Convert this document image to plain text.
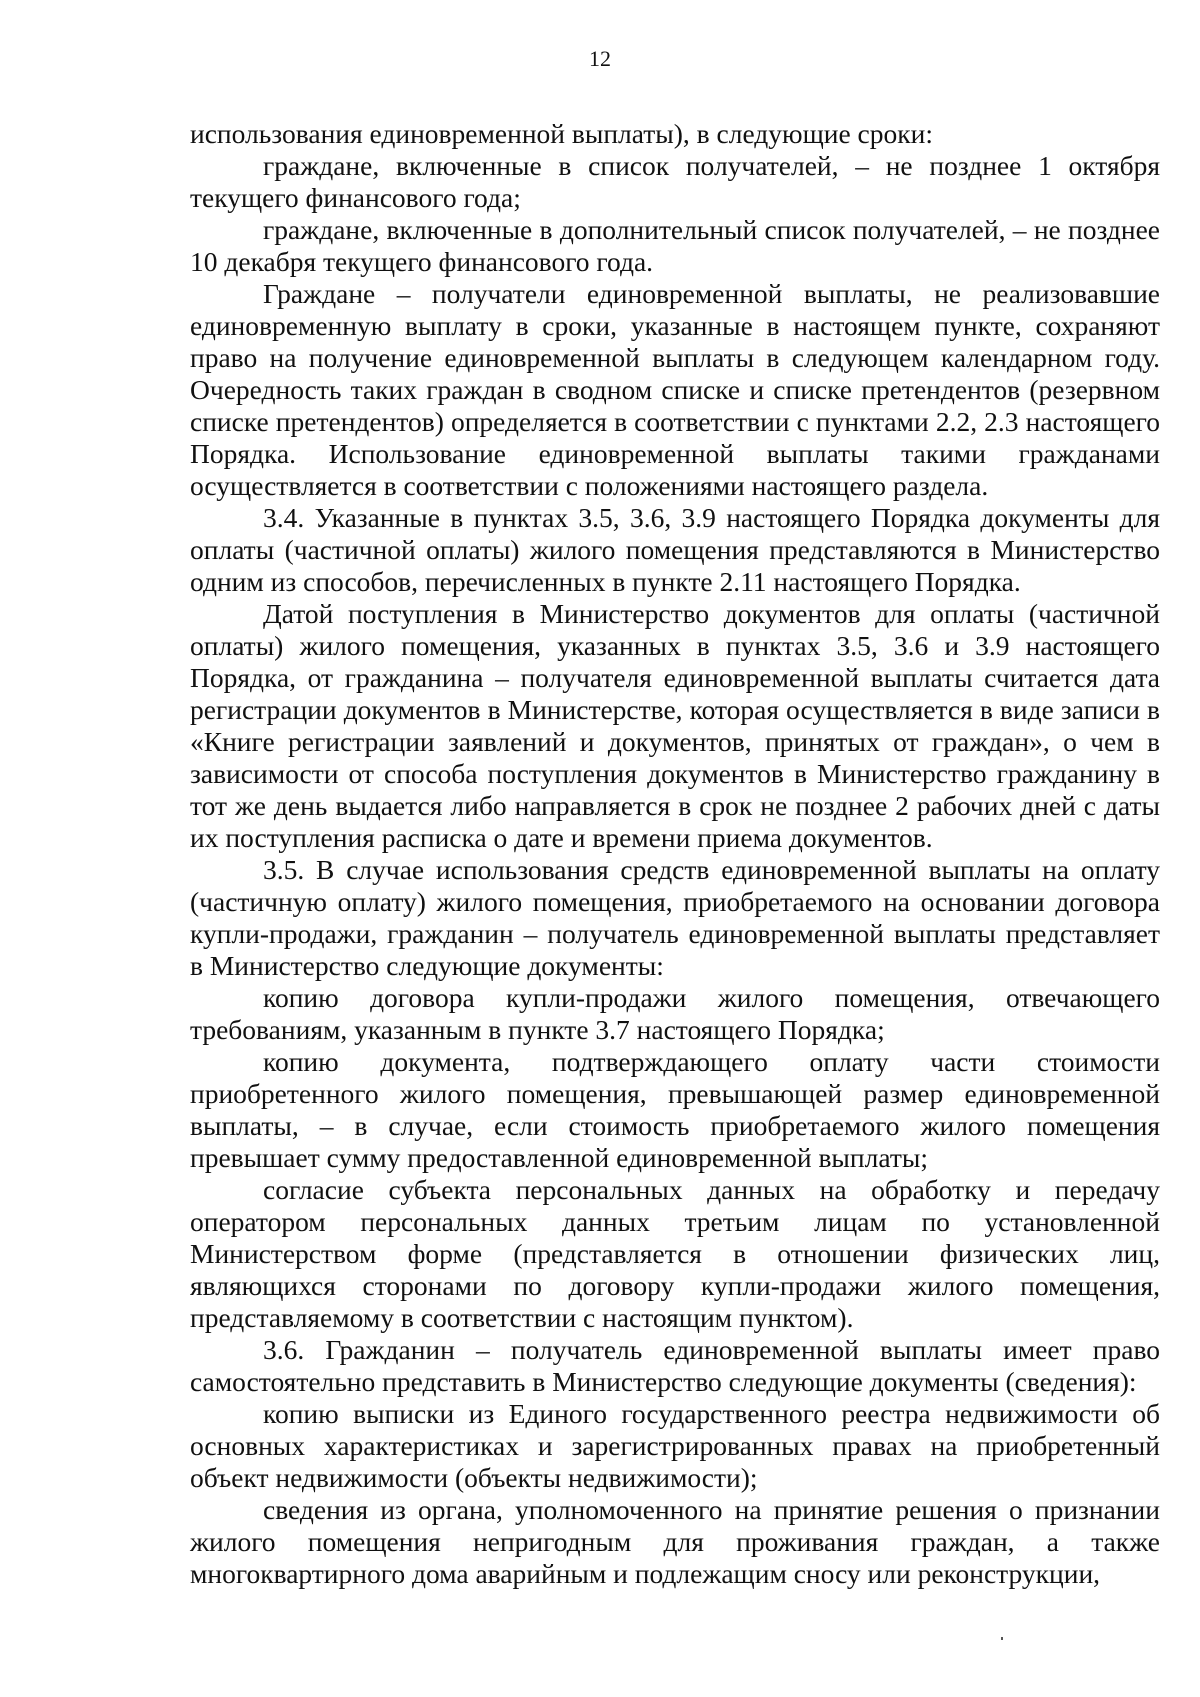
12

использования единовременной выплаты), в следующие сроки:

граждане, включенные в список получателей, – не позднее 1 октября текущего финансового года;

граждане, включенные в дополнительный список получателей, – не позднее 10 декабря текущего финансового года.

Граждане – получатели единовременной выплаты, не реализовавшие единовременную выплату в сроки, указанные в настоящем пункте, сохраняют право на получение единовременной выплаты в следующем календарном году. Очередность таких граждан в сводном списке и списке претендентов (резервном списке претендентов) определяется в соответствии с пунктами 2.2, 2.3 настоящего Порядка. Использование единовременной выплаты такими гражданами осуществляется в соответствии с положениями настоящего раздела.

3.4. Указанные в пунктах 3.5, 3.6, 3.9 настоящего Порядка документы для оплаты (частичной оплаты) жилого помещения представляются в Министерство одним из способов, перечисленных в пункте 2.11 настоящего Порядка.

Датой поступления в Министерство документов для оплаты (частичной оплаты) жилого помещения, указанных в пунктах 3.5, 3.6 и 3.9 настоящего Порядка, от гражданина – получателя единовременной выплаты считается дата регистрации документов в Министерстве, которая осуществляется в виде записи в «Книге регистрации заявлений и документов, принятых от граждан», о чем в зависимости от способа поступления документов в Министерство гражданину в тот же день выдается либо направляется в срок не позднее 2 рабочих дней с даты их поступления расписка о дате и времени приема документов.

3.5. В случае использования средств единовременной выплаты на оплату (частичную оплату) жилого помещения, приобретаемого на основании договора купли-продажи, гражданин – получатель единовременной выплаты представляет в Министерство следующие документы:

копию договора купли-продажи жилого помещения, отвечающего требованиям, указанным в пункте 3.7 настоящего Порядка;

копию документа, подтверждающего оплату части стоимости приобретенного жилого помещения, превышающей размер единовременной выплаты, – в случае, если стоимость приобретаемого жилого помещения превышает сумму предоставленной единовременной выплаты;

согласие субъекта персональных данных на обработку и передачу оператором персональных данных третьим лицам по установленной Министерством форме (представляется в отношении физических лиц, являющихся сторонами по договору купли-продажи жилого помещения, представляемому в соответствии с настоящим пунктом).

3.6. Гражданин – получатель единовременной выплаты имеет право самостоятельно представить в Министерство следующие документы (сведения):

копию выписки из Единого государственного реестра недвижимости об основных характеристиках и зарегистрированных правах на приобретенный объект недвижимости (объекты недвижимости);

сведения из органа, уполномоченного на принятие решения о признании жилого помещения непригодным для проживания граждан, а также многоквартирного дома аварийным и подлежащим сносу или реконструкции,
